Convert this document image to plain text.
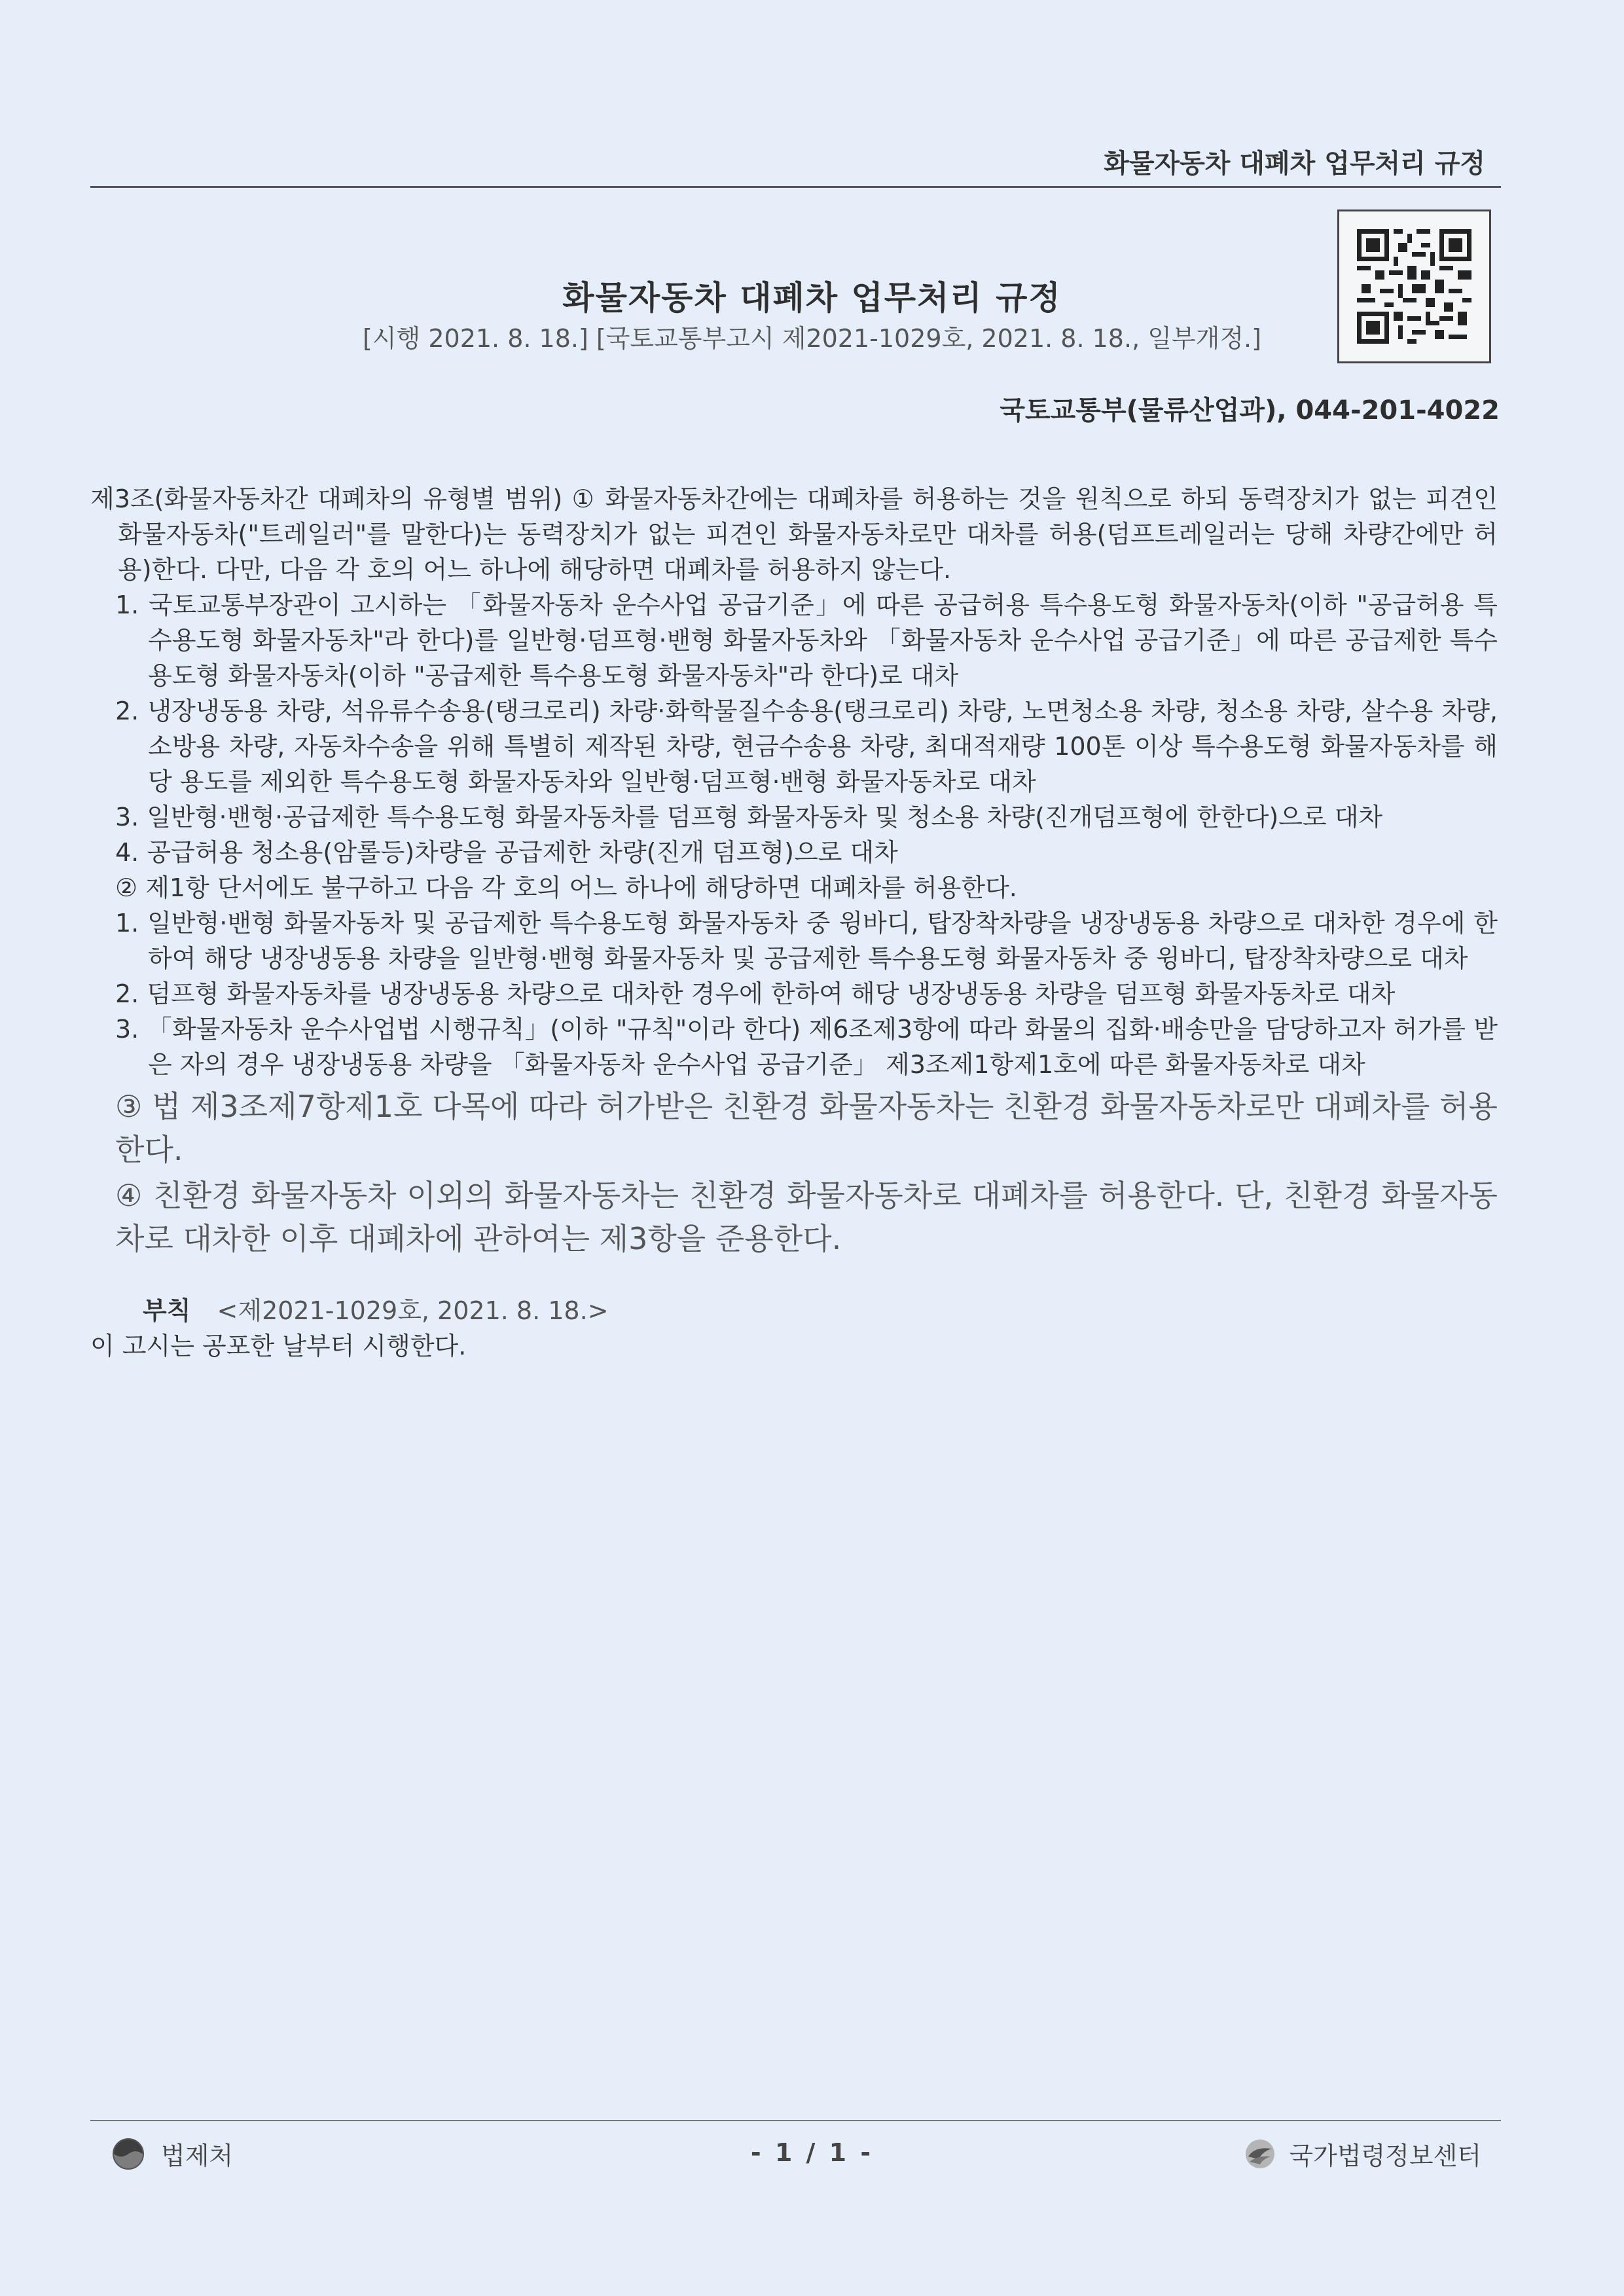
화물자동차 대폐차 업무처리 규정
화물자동차 대폐차 업무처리 규정
[시행 2021. 8. 18.] [국토교통부고시 제2021-1029호, 2021. 8. 18., 일부개정.]
국토교통부(물류산업과), 044-201-4022

제3조(화물자동차간 대폐차의 유형별 범위) ① 화물자동차간에는 대폐차를 허용하는 것을 원칙으로 하되 동력장치가 없는 피견인 화물자동차("트레일러"를 말한다)는 동력장치가 없는 피견인 화물자동차로만 대차를 허용(덤프트레일러는 당해 차량간에만 허용)한다. 다만, 다음 각 호의 어느 하나에 해당하면 대폐차를 허용하지 않는다.

1. 국토교통부장관이 고시하는 「화물자동차 운수사업 공급기준」에 따른 공급허용 특수용도형 화물자동차(이하 "공급허용 특수용도형 화물자동차"라 한다)를 일반형·덤프형·밴형 화물자동차와 「화물자동차 운수사업 공급기준」에 따른 공급제한 특수용도형 화물자동차(이하 "공급제한 특수용도형 화물자동차"라 한다)로 대차

2. 냉장냉동용 차량, 석유류수송용(탱크로리) 차량·화학물질수송용(탱크로리) 차량, 노면청소용 차량, 청소용 차량, 살수용 차량, 소방용 차량, 자동차수송을 위해 특별히 제작된 차량, 현금수송용 차량, 최대적재량 100톤 이상 특수용도형 화물자동차를 해당 용도를 제외한 특수용도형 화물자동차와 일반형·덤프형·밴형 화물자동차로 대차

3. 일반형·밴형·공급제한 특수용도형 화물자동차를 덤프형 화물자동차 및 청소용 차량(진개덤프형에 한한다)으로 대차

4. 공급허용 청소용(암롤등)차량을 공급제한 차량(진개 덤프형)으로 대차

② 제1항 단서에도 불구하고 다음 각 호의 어느 하나에 해당하면 대폐차를 허용한다.

1. 일반형·밴형 화물자동차 및 공급제한 특수용도형 화물자동차 중 윙바디, 탑장착차량을 냉장냉동용 차량으로 대차한 경우에 한하여 해당 냉장냉동용 차량을 일반형·밴형 화물자동차 및 공급제한 특수용도형 화물자동차 중 윙바디, 탑장착차량으로 대차

2. 덤프형 화물자동차를 냉장냉동용 차량으로 대차한 경우에 한하여 해당 냉장냉동용 차량을 덤프형 화물자동차로 대차

3. 「화물자동차 운수사업법 시행규칙」(이하 "규칙"이라 한다) 제6조제3항에 따라 화물의 집화·배송만을 담당하고자 허가를 받은 자의 경우 냉장냉동용 차량을 「화물자동차 운수사업 공급기준」 제3조제1항제1호에 따른 화물자동차로 대차

③ 법 제3조제7항제1호 다목에 따라 허가받은 친환경 화물자동차는 친환경 화물자동차로만 대폐차를 허용한다.

④ 친환경 화물자동차 이외의 화물자동차는 친환경 화물자동차로 대폐차를 허용한다. 단, 친환경 화물자동차로 대차한 이후 대폐차에 관하여는 제3항을 준용한다.

부칙 <제2021-1029호, 2021. 8. 18.>

이 고시는 공포한 날부터 시행한다.

법제처	- 1 / 1 -	국가법령정보센터
